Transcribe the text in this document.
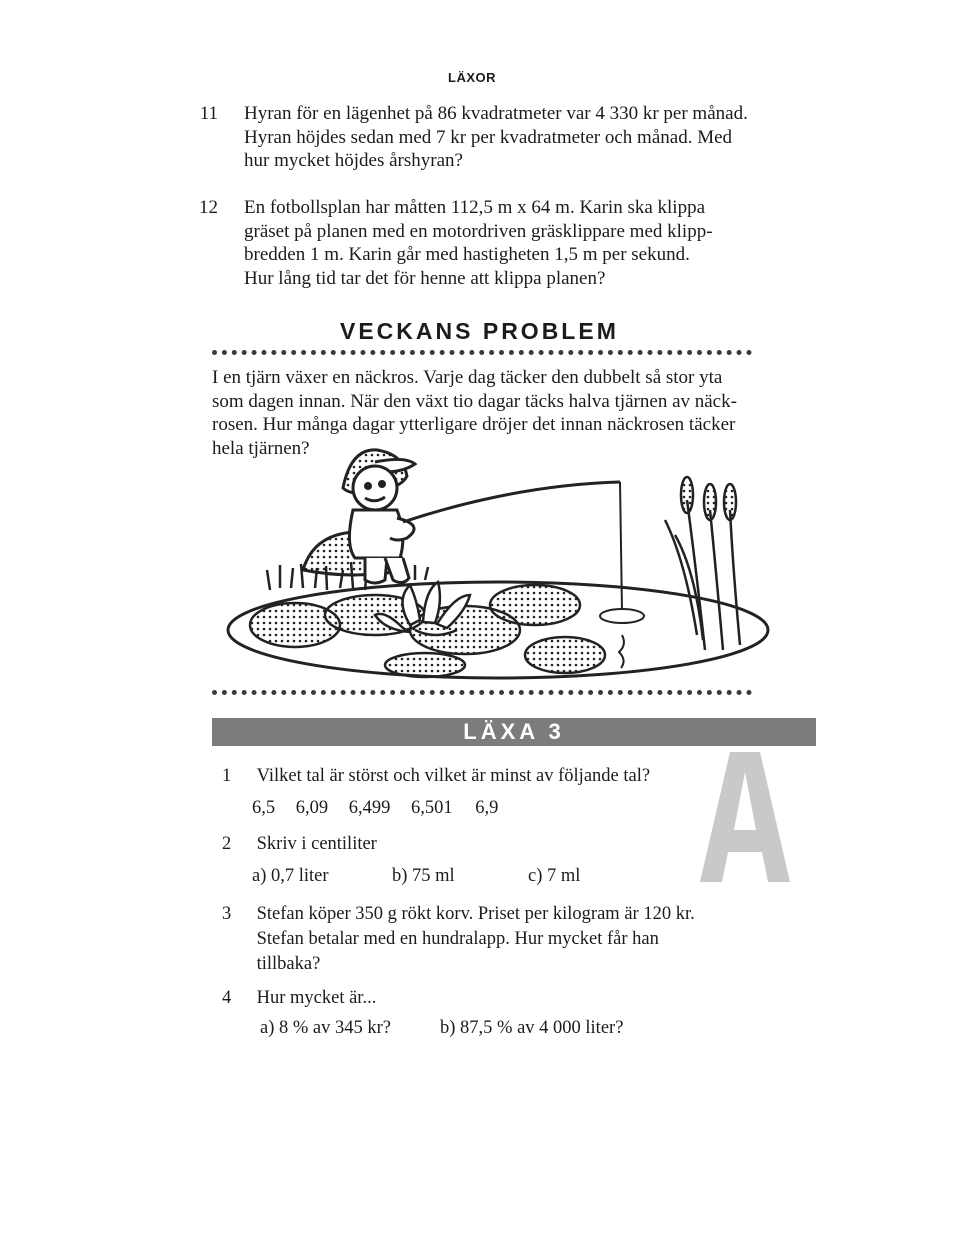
LÄXOR
11 Hyran för en lägenhet på 86 kvadratmeter var 4 330 kr per månad.
Hyran höjdes sedan med 7 kr per kvadratmeter och månad. Med
hur mycket höjdes årshyran?
12 En fotbollsplan har måtten 112,5 m x 64 m. Karin ska klippa
gräset på planen med en motordriven gräsklippare med klipp-
bredden 1 m. Karin går med hastigheten 1,5 m per sekund.
Hur lång tid tar det för henne att klippa planen?
VECKANS PROBLEM
I en tjärn växer en näckros. Varje dag täcker den dubbelt så stor yta
som dagen innan. När den växt tio dagar täcks halva tjärnen av näck-
rosen. Hur många dagar ytterligare dröjer det innan näckrosen täcker
hela tjärnen?
LÄXA 3
A
1 Vilket tal är störst och vilket är minst av följande tal?
6,5 6,09 6,499 6,501 6,9
2 Skriv i centiliter
a) 0,7 liter	b) 75 ml	c) 7 ml
3 Stefan köper 350 g rökt korv. Priset per kilogram är 120 kr.
Stefan betalar med en hundralapp. Hur mycket får han
tillbaka?
4 Hur mycket är...
a) 8 % av 345 kr?	b) 87,5 % av 4 000 liter?
